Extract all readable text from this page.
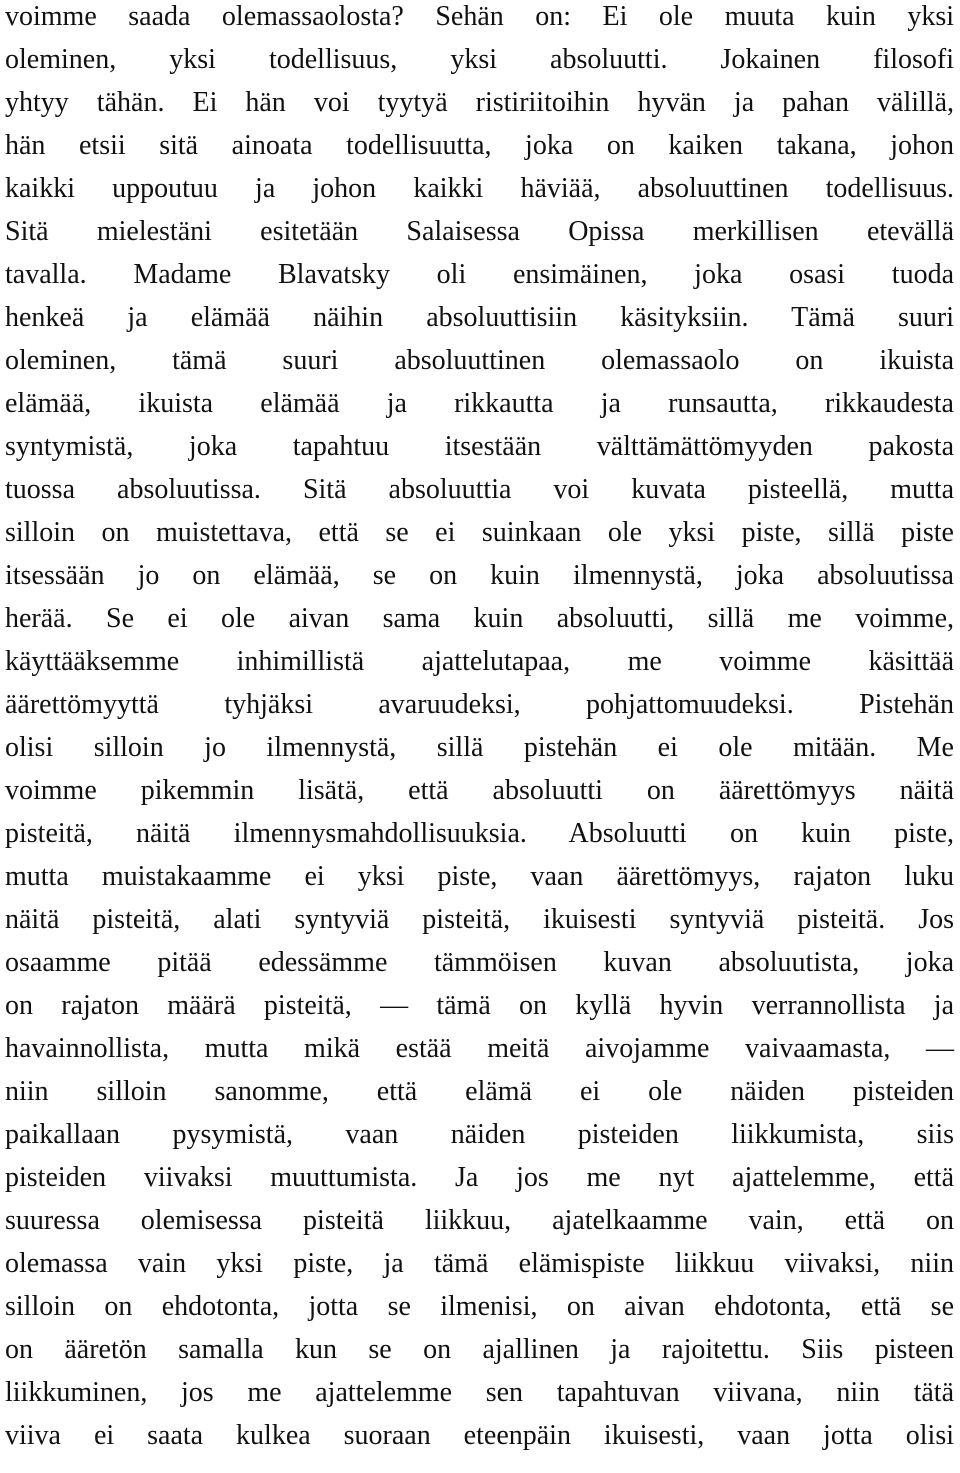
voimme saada olemassaolosta? Sehän on: Ei ole muuta kuin yksi
oleminen, yksi todellisuus, yksi absoluutti. Jokainen filosofi
yhtyy tähän. Ei hän voi tyytyä ristiriitoihin hyvän ja pahan välillä,
hän etsii sitä ainoata todellisuutta, joka on kaiken takana, johon
kaikki uppoutuu ja johon kaikki häviää, absoluuttinen todellisuus.
Sitä mielestäni esitetään Salaisessa Opissa merkillisen etevällä
tavalla. Madame Blavatsky oli ensimäinen, joka osasi tuoda
henkeä ja elämää näihin absoluuttisiin käsityksiin. Tämä suuri
oleminen, tämä suuri absoluuttinen olemassaolo on ikuista
elämää, ikuista elämää ja rikkautta ja runsautta, rikkaudesta
syntymistä, joka tapahtuu itsestään välttämättömyyden pakosta
tuossa absoluutissa. Sitä absoluuttia voi kuvata pisteellä, mutta
silloin on muistettava, että se ei suinkaan ole yksi piste, sillä piste
itsessään jo on elämää, se on kuin ilmennystä, joka absoluutissa
herää. Se ei ole aivan sama kuin absoluutti, sillä me voimme,
käyttääksemme inhimillistä ajattelutapaa, me voimme käsittää
äärettömyyttä tyhjäksi avaruudeksi, pohjattomuudeksi. Pistehän
olisi silloin jo ilmennystä, sillä pistehän ei ole mitään. Me
voimme pikemmin lisätä, että absoluutti on äärettömyys näitä
pisteitä, näitä ilmennysmahdollisuuksia. Absoluutti on kuin piste,
mutta muistakaamme ei yksi piste, vaan äärettömyys, rajaton luku
näitä pisteitä, alati syntyviä pisteitä, ikuisesti syntyviä pisteitä. Jos
osaamme pitää edessämme tämmöisen kuvan absoluutista, joka
on rajaton määrä pisteitä, — tämä on kyllä hyvin verrannollista ja
havainnollista, mutta mikä estää meitä aivojamme vaivaamasta, —
niin silloin sanomme, että elämä ei ole näiden pisteiden
paikallaan pysymistä, vaan näiden pisteiden liikkumista, siis
pisteiden viivaksi muuttumista. Ja jos me nyt ajattelemme, että
suuressa olemisessa pisteitä liikkuu, ajatelkaamme vain, että on
olemassa vain yksi piste, ja tämä elämispiste liikkuu viivaksi, niin
silloin on ehdotonta, jotta se ilmenisi, on aivan ehdotonta, että se
on ääretön samalla kun se on ajallinen ja rajoitettu. Siis pisteen
liikkuminen, jos me ajattelemme sen tapahtuvan viivana, niin tätä
viiva ei saata kulkea suoraan eteenpäin ikuisesti, vaan jotta olisi
